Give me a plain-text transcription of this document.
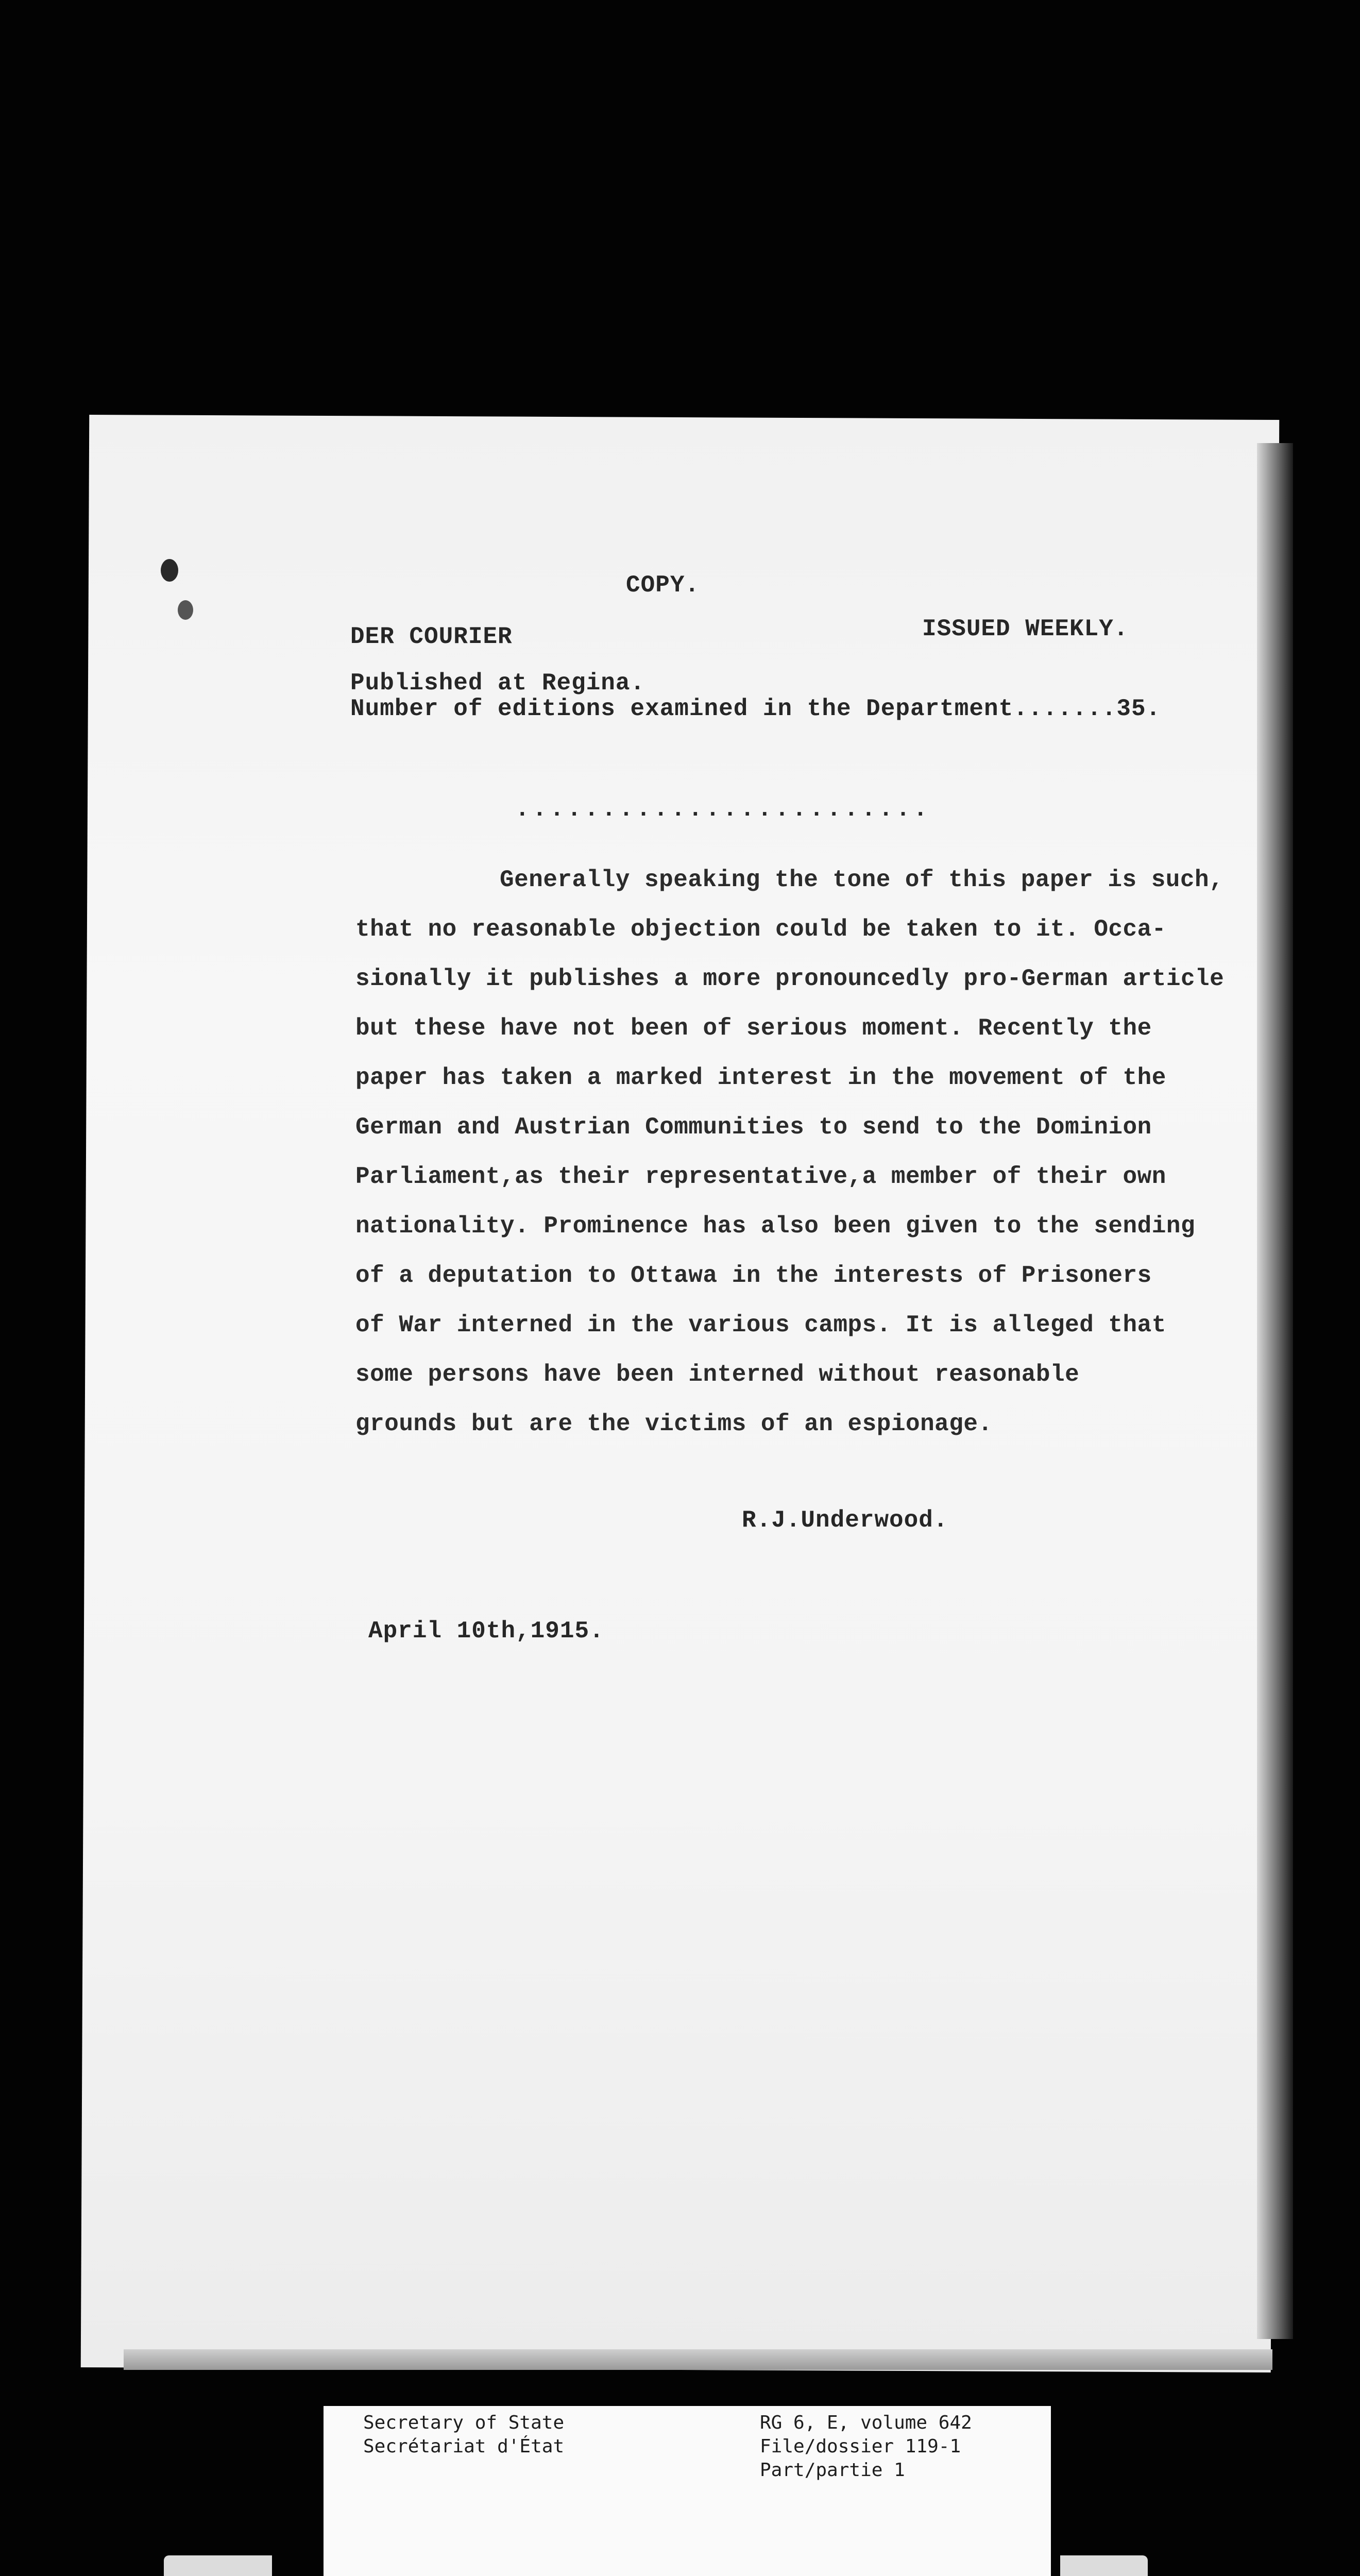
COPY.
DER COURIER	ISSUED WEEKLY.
Published at Regina.
Number of editions examined in the Department.......35.
........................

Generally speaking the tone of this paper is such,

that no reasonable objection could be taken to it. Occa-

sionally it publishes a more pronouncedly pro-German article

but these have not been of serious moment. Recently the

paper has taken a marked interest in the movement of the

German and Austrian Communities to send to the Dominion

Parliament,as their representative,a member of their own

nationality. Prominence has also been given to the sending

of a deputation to Ottawa in the interests of Prisoners

of War interned in the various camps. It is alleged that

some persons have been interned without reasonable

grounds but are the victims of an espionage.

R.J.Underwood.
April 10th,1915.
Secretary of State
Secrétariat d'État
RG 6, E, volume 642
File/dossier 119-1
Part/partie 1
